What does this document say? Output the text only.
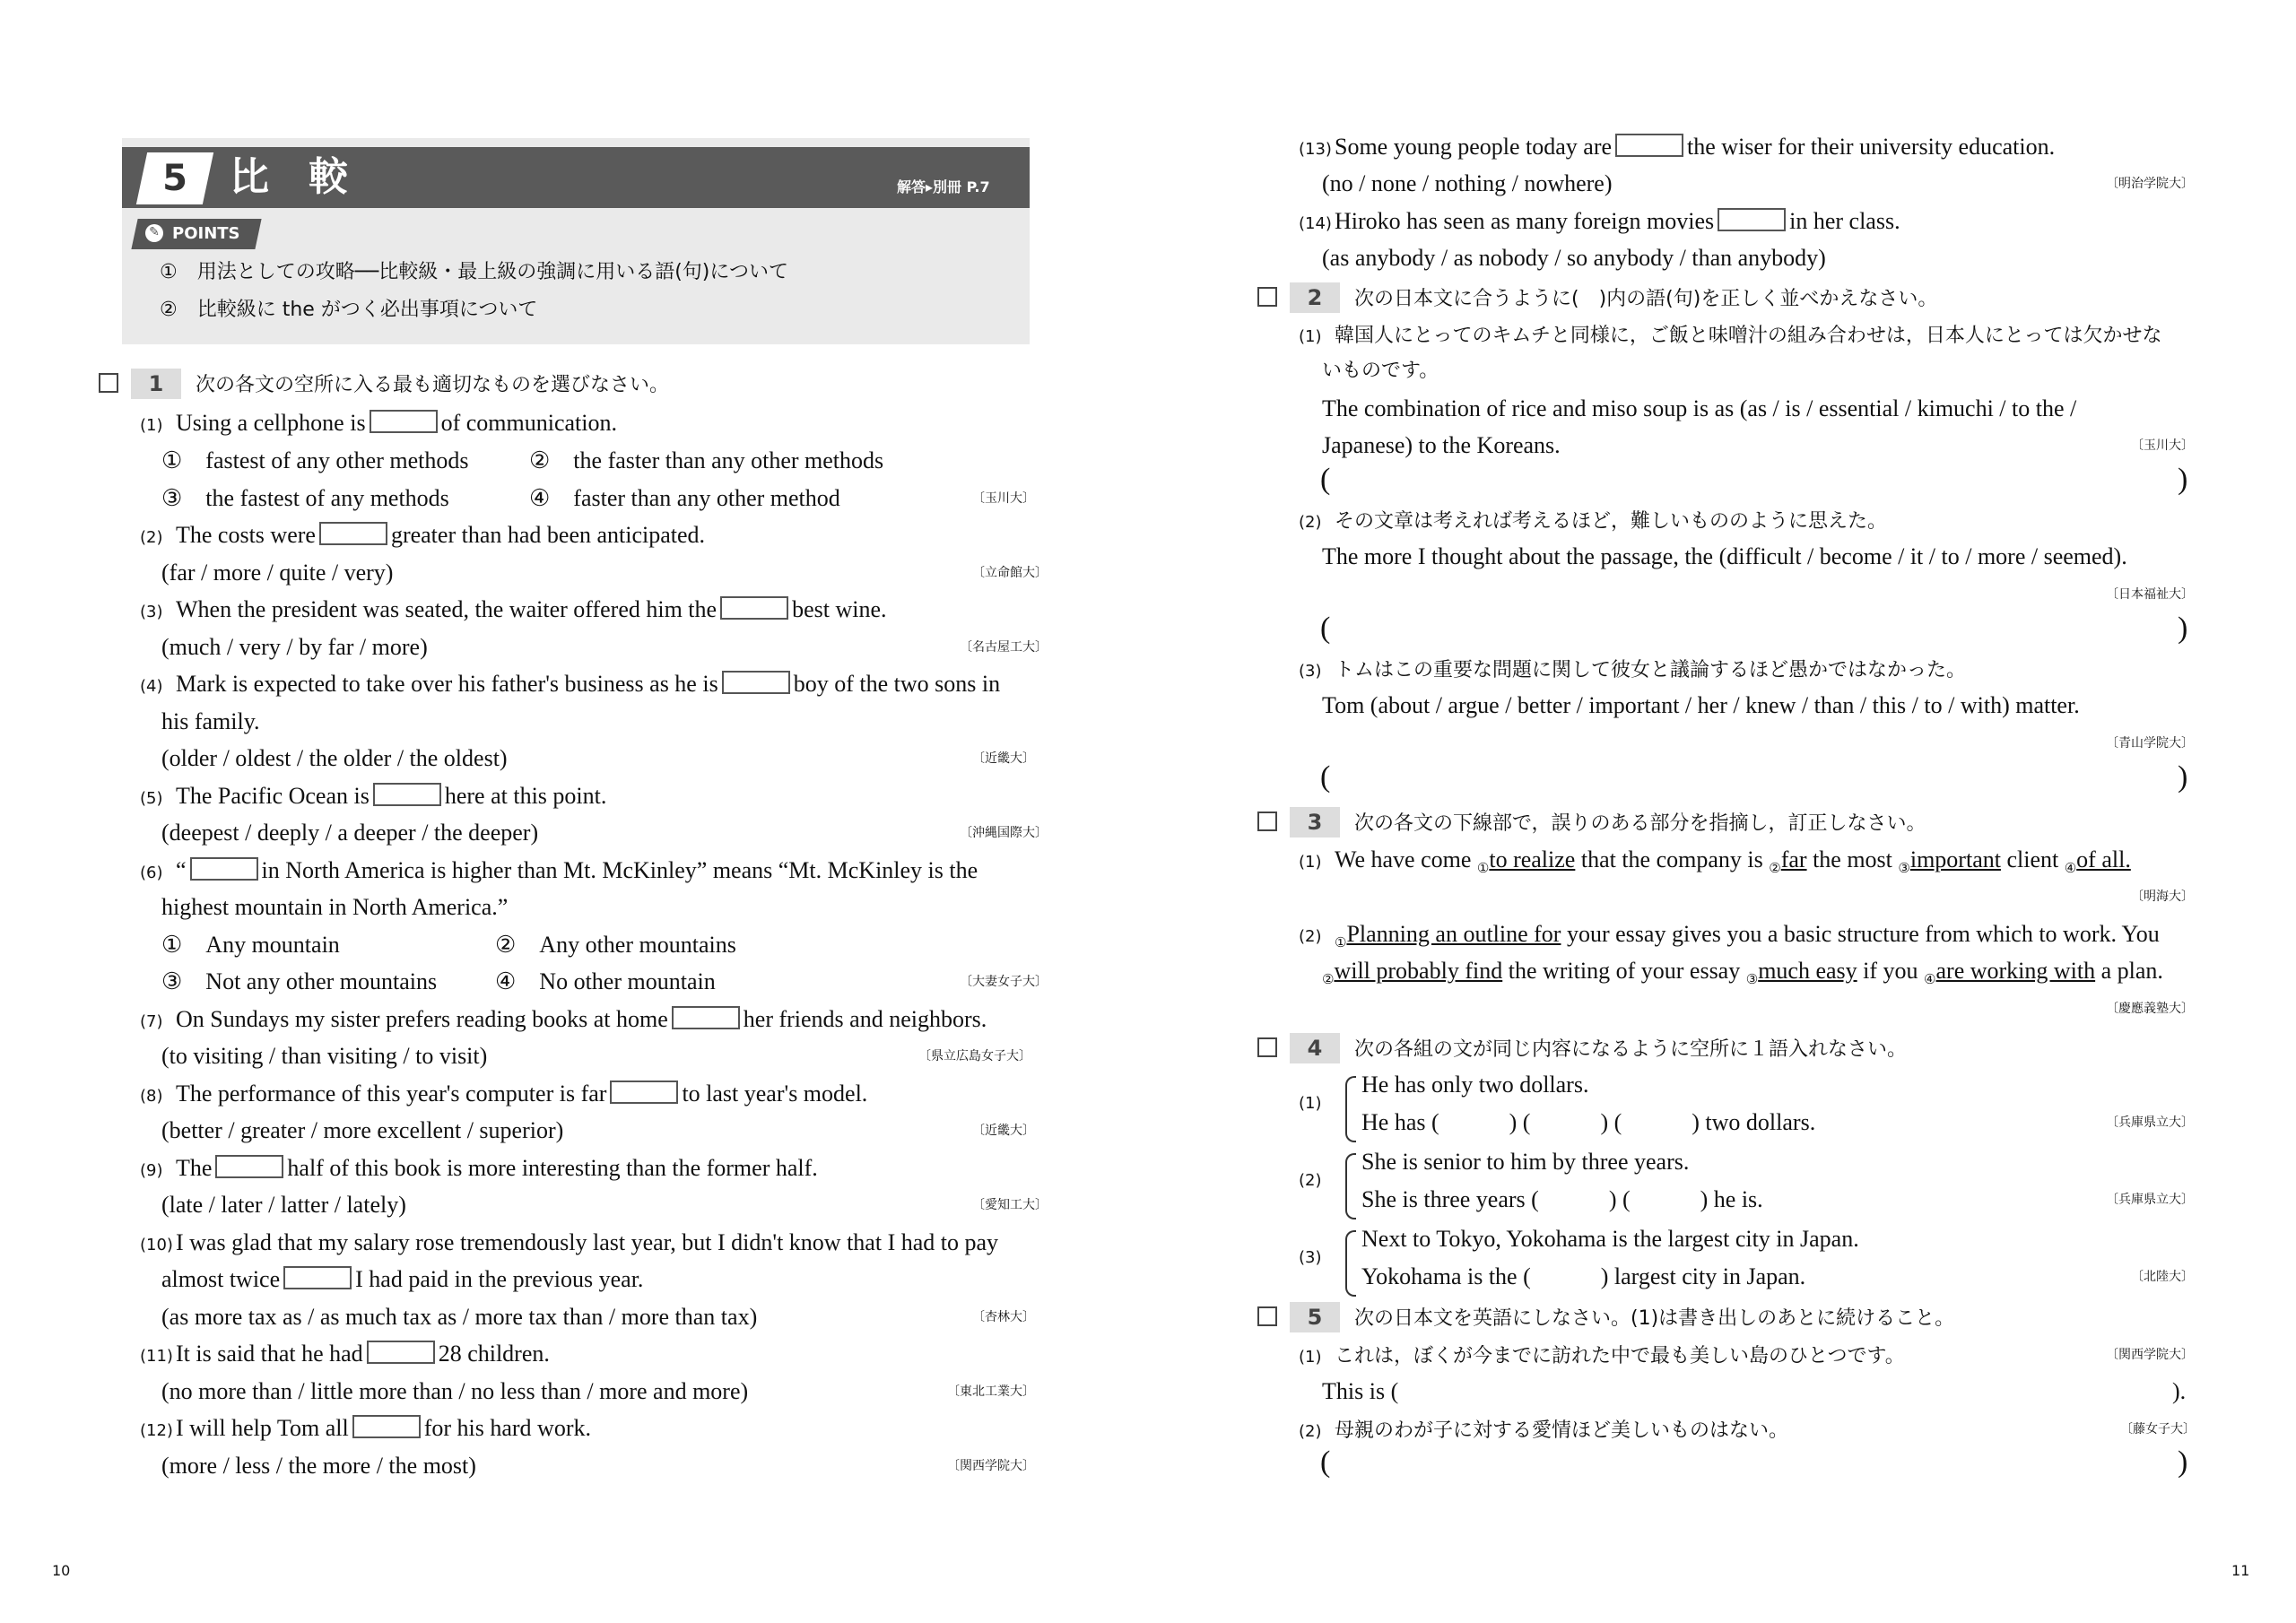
5	比　較	解答▸別冊 P.7
✎ POINTS
①　用法としての攻略──比較級・最上級の強調に用いる語(句)について
②　比較級に the がつく必出事項について
1 次の各文の空所に入る最も適切なものを選びなさい。
(1) Using a cellphone is	of communication.
①　fastest of any other methods	②　the faster than any other methods
③　the fastest of any methods	④　faster than any other method	〔玉川大〕
(2) The costs were	greater than had been anticipated.
(far / more / quite / very)	〔立命館大〕
(3) When the president was seated, the waiter offered him the	best wine.
(much / very / by far / more)	〔名古屋工大〕
(4) Mark is expected to take over his father's business as he is	boy of the two sons in
his family.
(older / oldest / the older / the oldest)	〔近畿大〕
(5) The Pacific Ocean is	here at this point.
(deepest / deeply / a deeper / the deeper)	〔沖縄国際大〕
(6) “	in North America is higher than Mt. McKinley” means “Mt. McKinley is the
highest mountain in North America.”
①　Any mountain	②　Any other mountains
③　Not any other mountains ④　No other mountain	〔大妻女子大〕
(7) On Sundays my sister prefers reading books at home	her friends and neighbors.
(to visiting / than visiting / to visit)	〔県立広島女子大〕
(8) The performance of this year's computer is far	to last year's model.
(better / greater / more excellent / superior)	〔近畿大〕
(9) The	half of this book is more interesting than the former half.
(late / later / latter / lately)	〔愛知工大〕
(10) I was glad that my salary rose tremendously last year, but I didn't know that I had to pay
almost twice	I had paid in the previous year.
(as more tax as / as much tax as / more tax than / more than tax)	〔杏林大〕
(11) It is said that he had	28 children.
(no more than / little more than / no less than / more and more)	〔東北工業大〕
(12) I will help Tom all	for his hard work.
(more / less / the more / the most)	〔関西学院大〕
10
(13) Some young people today are	the wiser for their university education.
(no / none / nothing / nowhere)	〔明治学院大〕
(14) Hiroko has seen as many foreign movies	in her class.
(as anybody / as nobody / so anybody / than anybody)
2 次の日本文に合うように(　)内の語(句)を正しく並べかえなさい。
(1) 韓国人にとってのキムチと同様に，ご飯と味噌汁の組み合わせは，日本人にとっては欠かせな
いものです。
The combination of rice and miso soup is as (as / is / essential / kimuchi / to the /
Japanese) to the Koreans.	〔玉川大〕
(	)
(2) その文章は考えれば考えるほど，難しいもののように思えた。
The more I thought about the passage, the (difficult / become / it / to / more / seemed).
〔日本福祉大〕
(	)
(3) トムはこの重要な問題に関して彼女と議論するほど愚かではなかった。
Tom (about / argue / better / important / her / knew / than / this / to / with) matter.
〔青山学院大〕
(	)
3 次の各文の下線部で，誤りのある部分を指摘し，訂正しなさい。
(1) We have come $_①$to realize that the company is $_②$far the most $_③$important client $_④$of all.
〔明海大〕
(2) $_①$Planning an outline for your essay gives you a basic structure from which to work. You
$_②$will probably find the writing of your essay $_③$much easy if you $_④$are working with a plan.
〔慶應義塾大〕
4 次の各組の文が同じ内容になるように空所に１語入れなさい。
(1)
He has only two dollars.
He has (　　　) (　　　) (　　　) two dollars.	〔兵庫県立大〕
(2)
She is senior to him by three years.
She is three years (　　　) (　　　) he is.	〔兵庫県立大〕
(3)
Next to Tokyo, Yokohama is the largest city in Japan.
Yokohama is the (　　　) largest city in Japan.	〔北陸大〕
5 次の日本文を英語にしなさい。(1)は書き出しのあとに続けること。
(1) これは，ぼくが今までに訪れた中で最も美しい島のひとつです。	〔関西学院大〕
This is (	).
(2) 母親のわが子に対する愛情ほど美しいものはない。	〔藤女子大〕
(	)
11
